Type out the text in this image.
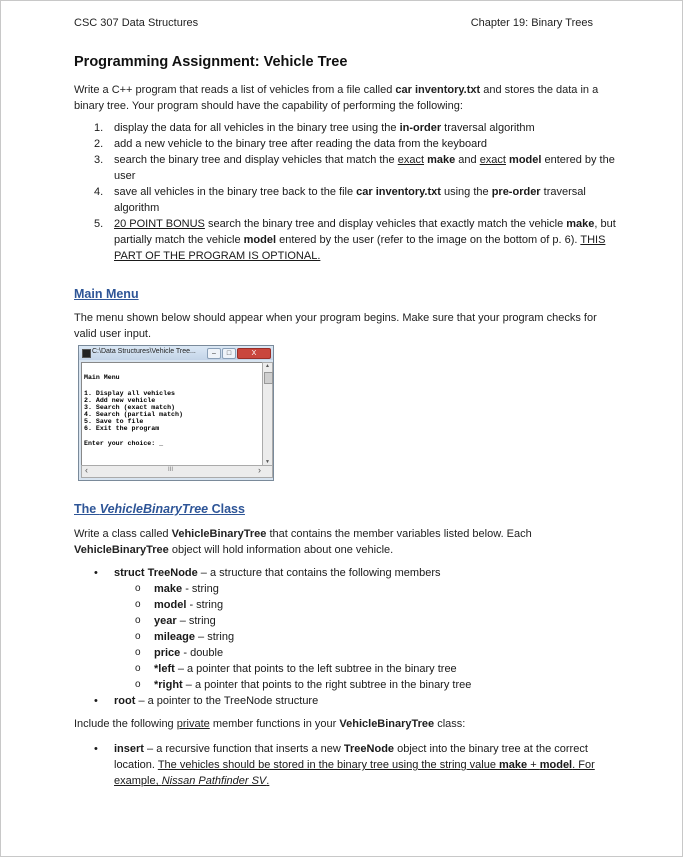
CSC 307 Data Structures	Chapter 19: Binary Trees
Programming Assignment: Vehicle Tree
Write a C++ program that reads a list of vehicles from a file called car inventory.txt and stores the data in a binary tree. Your program should have the capability of performing the following:
1. display the data for all vehicles in the binary tree using the in-order traversal algorithm
2. add a new vehicle to the binary tree after reading the data from the keyboard
3. search the binary tree and display vehicles that match the exact make and exact model entered by the user
4. save all vehicles in the binary tree back to the file car inventory.txt using the pre-order traversal algorithm
5. 20 POINT BONUS search the binary tree and display vehicles that exactly match the vehicle make, but partially match the vehicle model entered by the user (refer to the image on the bottom of p. 6). THIS PART OF THE PROGRAM IS OPTIONAL.
Main Menu
The menu shown below should appear when your program begins. Make sure that your program checks for valid user input.
C:\Data Structures\Vehicle Tree...	–	□	X
Main Menu
1. Display all vehicles
2. Add new vehicle
3. Search (exact match)
4. Search (partial match)
5. Save to file
6. Exit the program
Enter your choice: _
▲
▼
‹	III	›
The VehicleBinaryTree Class
Write a class called VehicleBinaryTree that contains the member variables listed below. Each VehicleBinaryTree object will hold information about one vehicle.
• struct TreeNode – a structure that contains the following members
o make - string
o model - string
o year – string
o mileage – string
o price - double
o *left – a pointer that points to the left subtree in the binary tree
o *right – a pointer that points to the right subtree in the binary tree
• root – a pointer to the TreeNode structure
Include the following private member functions in your VehicleBinaryTree class:
• insert – a recursive function that inserts a new TreeNode object into the binary tree at the correct location. The vehicles should be stored in the binary tree using the string value make + model. For example, Nissan Pathfinder SV.
